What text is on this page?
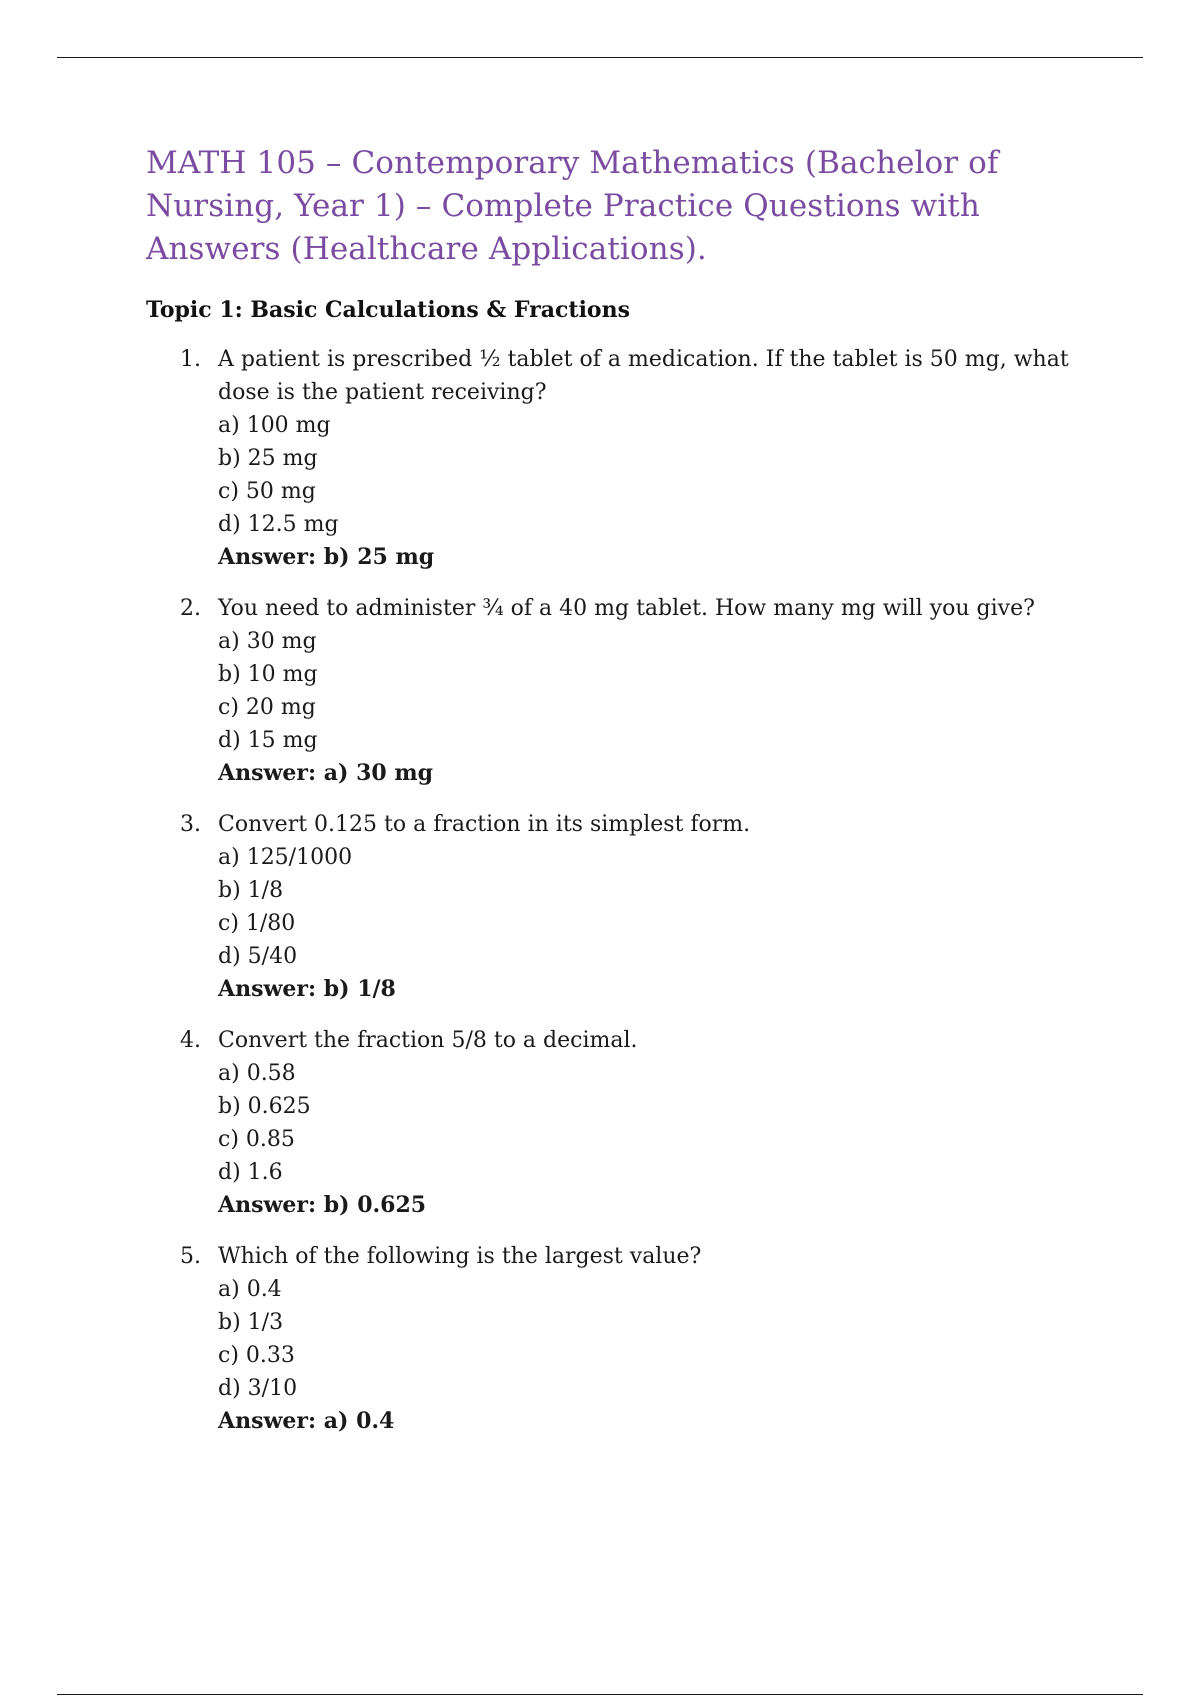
MATH 105 – Contemporary Mathematics (Bachelor of Nursing, Year 1) – Complete Practice Questions with Answers (Healthcare Applications).
Topic 1: Basic Calculations & Fractions
1. A patient is prescribed ½ tablet of a medication. If the tablet is 50 mg, what dose is the patient receiving?
a) 100 mg
b) 25 mg
c) 50 mg
d) 12.5 mg
Answer: b) 25 mg
2. You need to administer ¾ of a 40 mg tablet. How many mg will you give?
a) 30 mg
b) 10 mg
c) 20 mg
d) 15 mg
Answer: a) 30 mg
3. Convert 0.125 to a fraction in its simplest form.
a) 125/1000
b) 1/8
c) 1/80
d) 5/40
Answer: b) 1/8
4. Convert the fraction 5/8 to a decimal.
a) 0.58
b) 0.625
c) 0.85
d) 1.6
Answer: b) 0.625
5. Which of the following is the largest value?
a) 0.4
b) 1/3
c) 0.33
d) 3/10
Answer: a) 0.4
